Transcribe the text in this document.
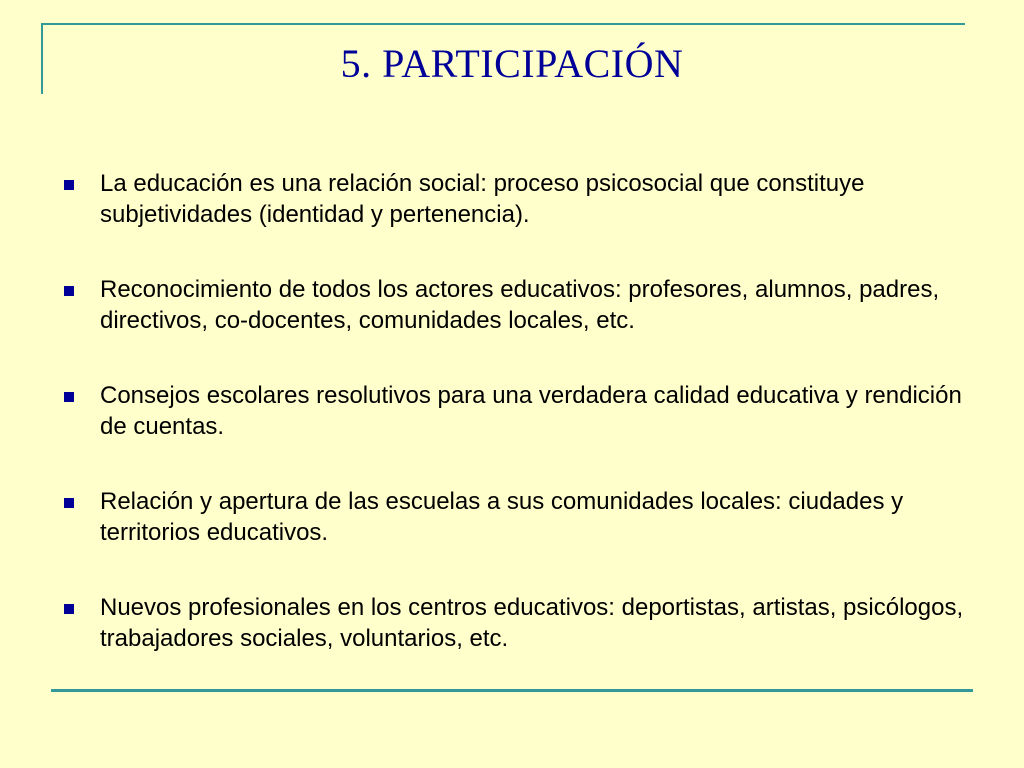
5. PARTICIPACIÓN
La educación es una relación social: proceso psicosocial que constituye subjetividades (identidad y pertenencia).
Reconocimiento de todos los actores educativos: profesores, alumnos, padres, directivos, co-docentes, comunidades locales, etc.
Consejos escolares resolutivos para una verdadera calidad educativa y rendición de cuentas.
Relación y apertura de las escuelas a sus comunidades locales: ciudades y territorios educativos.
Nuevos profesionales en los centros educativos: deportistas, artistas, psicólogos, trabajadores sociales, voluntarios, etc.
